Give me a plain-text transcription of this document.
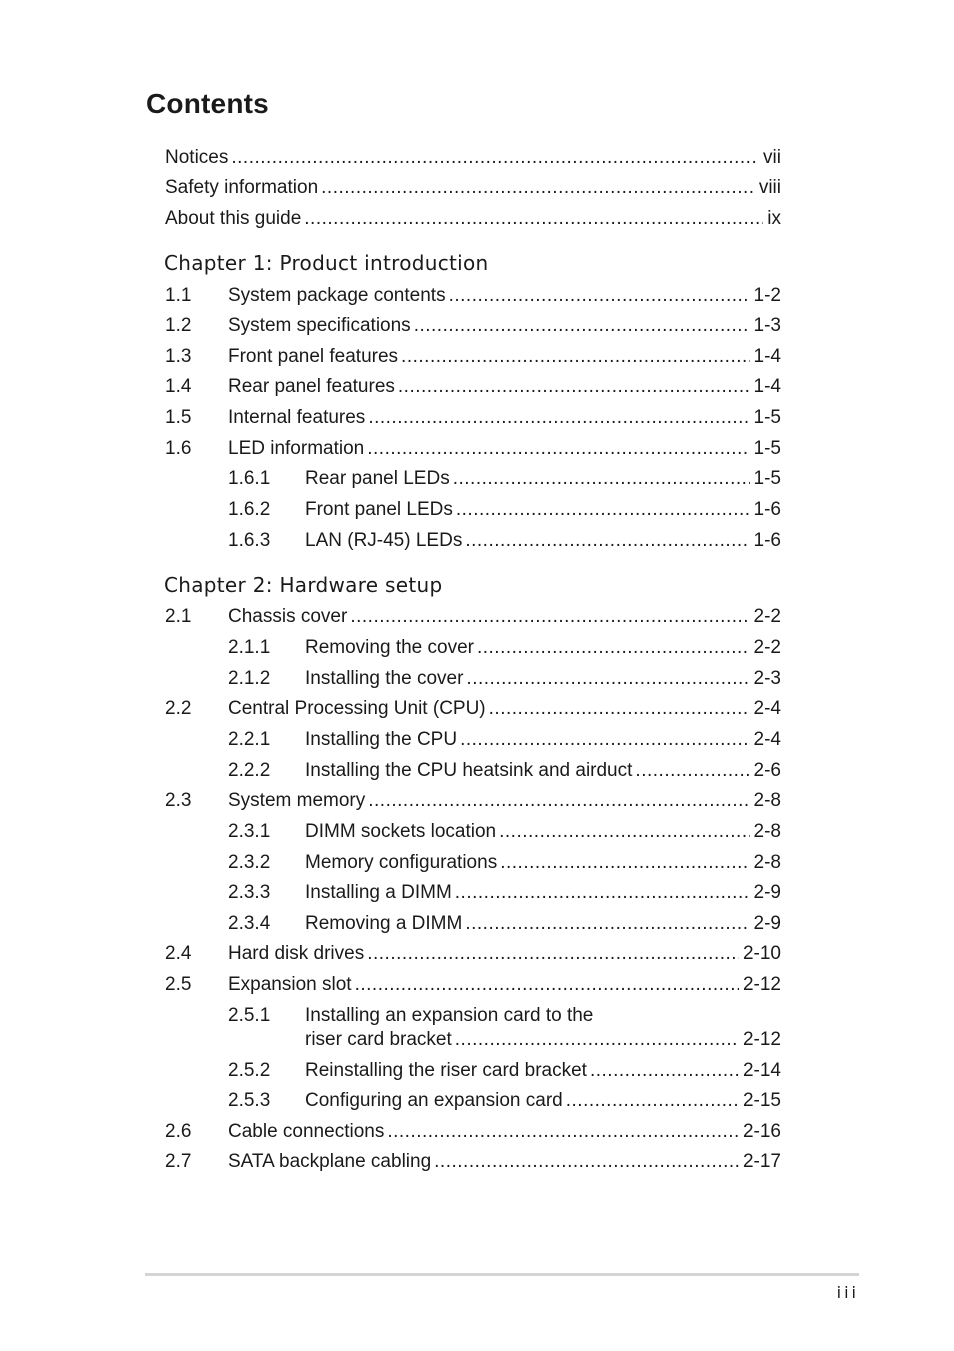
Contents
Notices .....	vii
Safety information .....	viii
About this guide .....	ix
Chapter 1: Product introduction
1.1 System package contents .....	1-2
1.2 System specifications .....	1-3
1.3 Front panel features .....	1-4
1.4 Rear panel features .....	1-4
1.5 Internal features .....	1-5
1.6 LED information .....	1-5
1.6.1 Rear panel LEDs .....	1-5
1.6.2 Front panel LEDs .....	1-6
1.6.3 LAN (RJ-45) LEDs .....	1-6
Chapter 2: Hardware setup
2.1 Chassis cover .....	2-2
2.1.1 Removing the cover .....	2-2
2.1.2 Installing the cover .....	2-3
2.2 Central Processing Unit (CPU) .....	2-4
2.2.1 Installing the CPU .....	2-4
2.2.2 Installing the CPU heatsink and airduct .....	2-6
2.3 System memory .....	2-8
2.3.1 DIMM sockets location .....	2-8
2.3.2 Memory configurations .....	2-8
2.3.3 Installing a DIMM .....	2-9
2.3.4 Removing a DIMM .....	2-9
2.4 Hard disk drives .....	2-10
2.5 Expansion slot .....	2-12
2.5.1 Installing an expansion card to the
riser card bracket .....	2-12
2.5.2 Reinstalling the riser card bracket .....	2-14
2.5.3 Configuring an expansion card .....	2-15
2.6 Cable connections .....	2-16
2.7 SATA backplane cabling .....	2-17
iii
